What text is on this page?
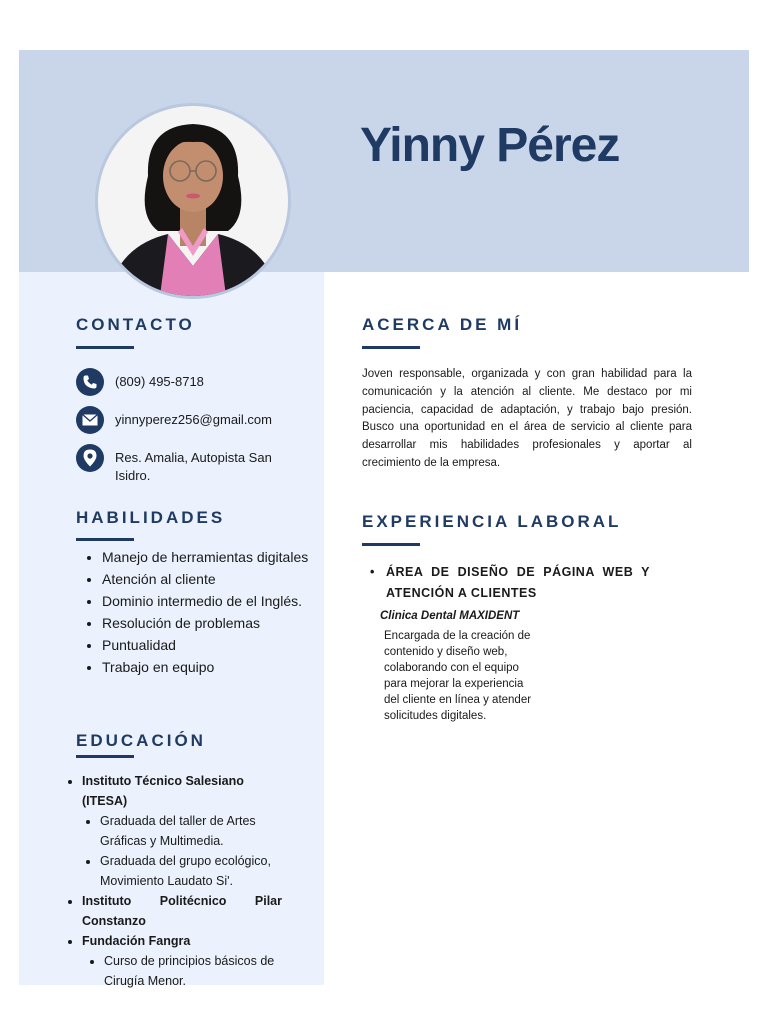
Yinny Pérez
CONTACTO
(809) 495-8718
yinnyperez256@gmail.com
Res. Amalia, Autopista San Isidro.
HABILIDADES
• Manejo de herramientas digitales
• Atención al cliente
• Dominio intermedio de el Inglés.
• Resolución de problemas
• Puntualidad
• Trabajo en equipo
EDUCACIÓN
• Instituto Técnico Salesiano (ITESA)
• Graduada del taller de Artes Gráficas y Multimedia.
• Graduada del grupo ecológico, Movimiento Laudato Si'.
• Instituto Politécnico Pilar Constanzo
• Fundación Fangra
• Curso de principios básicos de Cirugía Menor.
ACERCA DE MÍ
Joven responsable, organizada y con gran habilidad para la comunicación y la atención al cliente. Me destaco por mi paciencia, capacidad de adaptación, y trabajo bajo presión. Busco una oportunidad en el área de servicio al cliente para desarrollar mis habilidades profesionales y aportar al crecimiento de la empresa.
EXPERIENCIA LABORAL
• ÁREA DE DISEÑO DE PÁGINA WEB Y ATENCIÓN A CLIENTES
Clinica Dental MAXIDENT
Encargada de la creación de contenido y diseño web, colaborando con el equipo para mejorar la experiencia del cliente en línea y atender solicitudes digitales.
